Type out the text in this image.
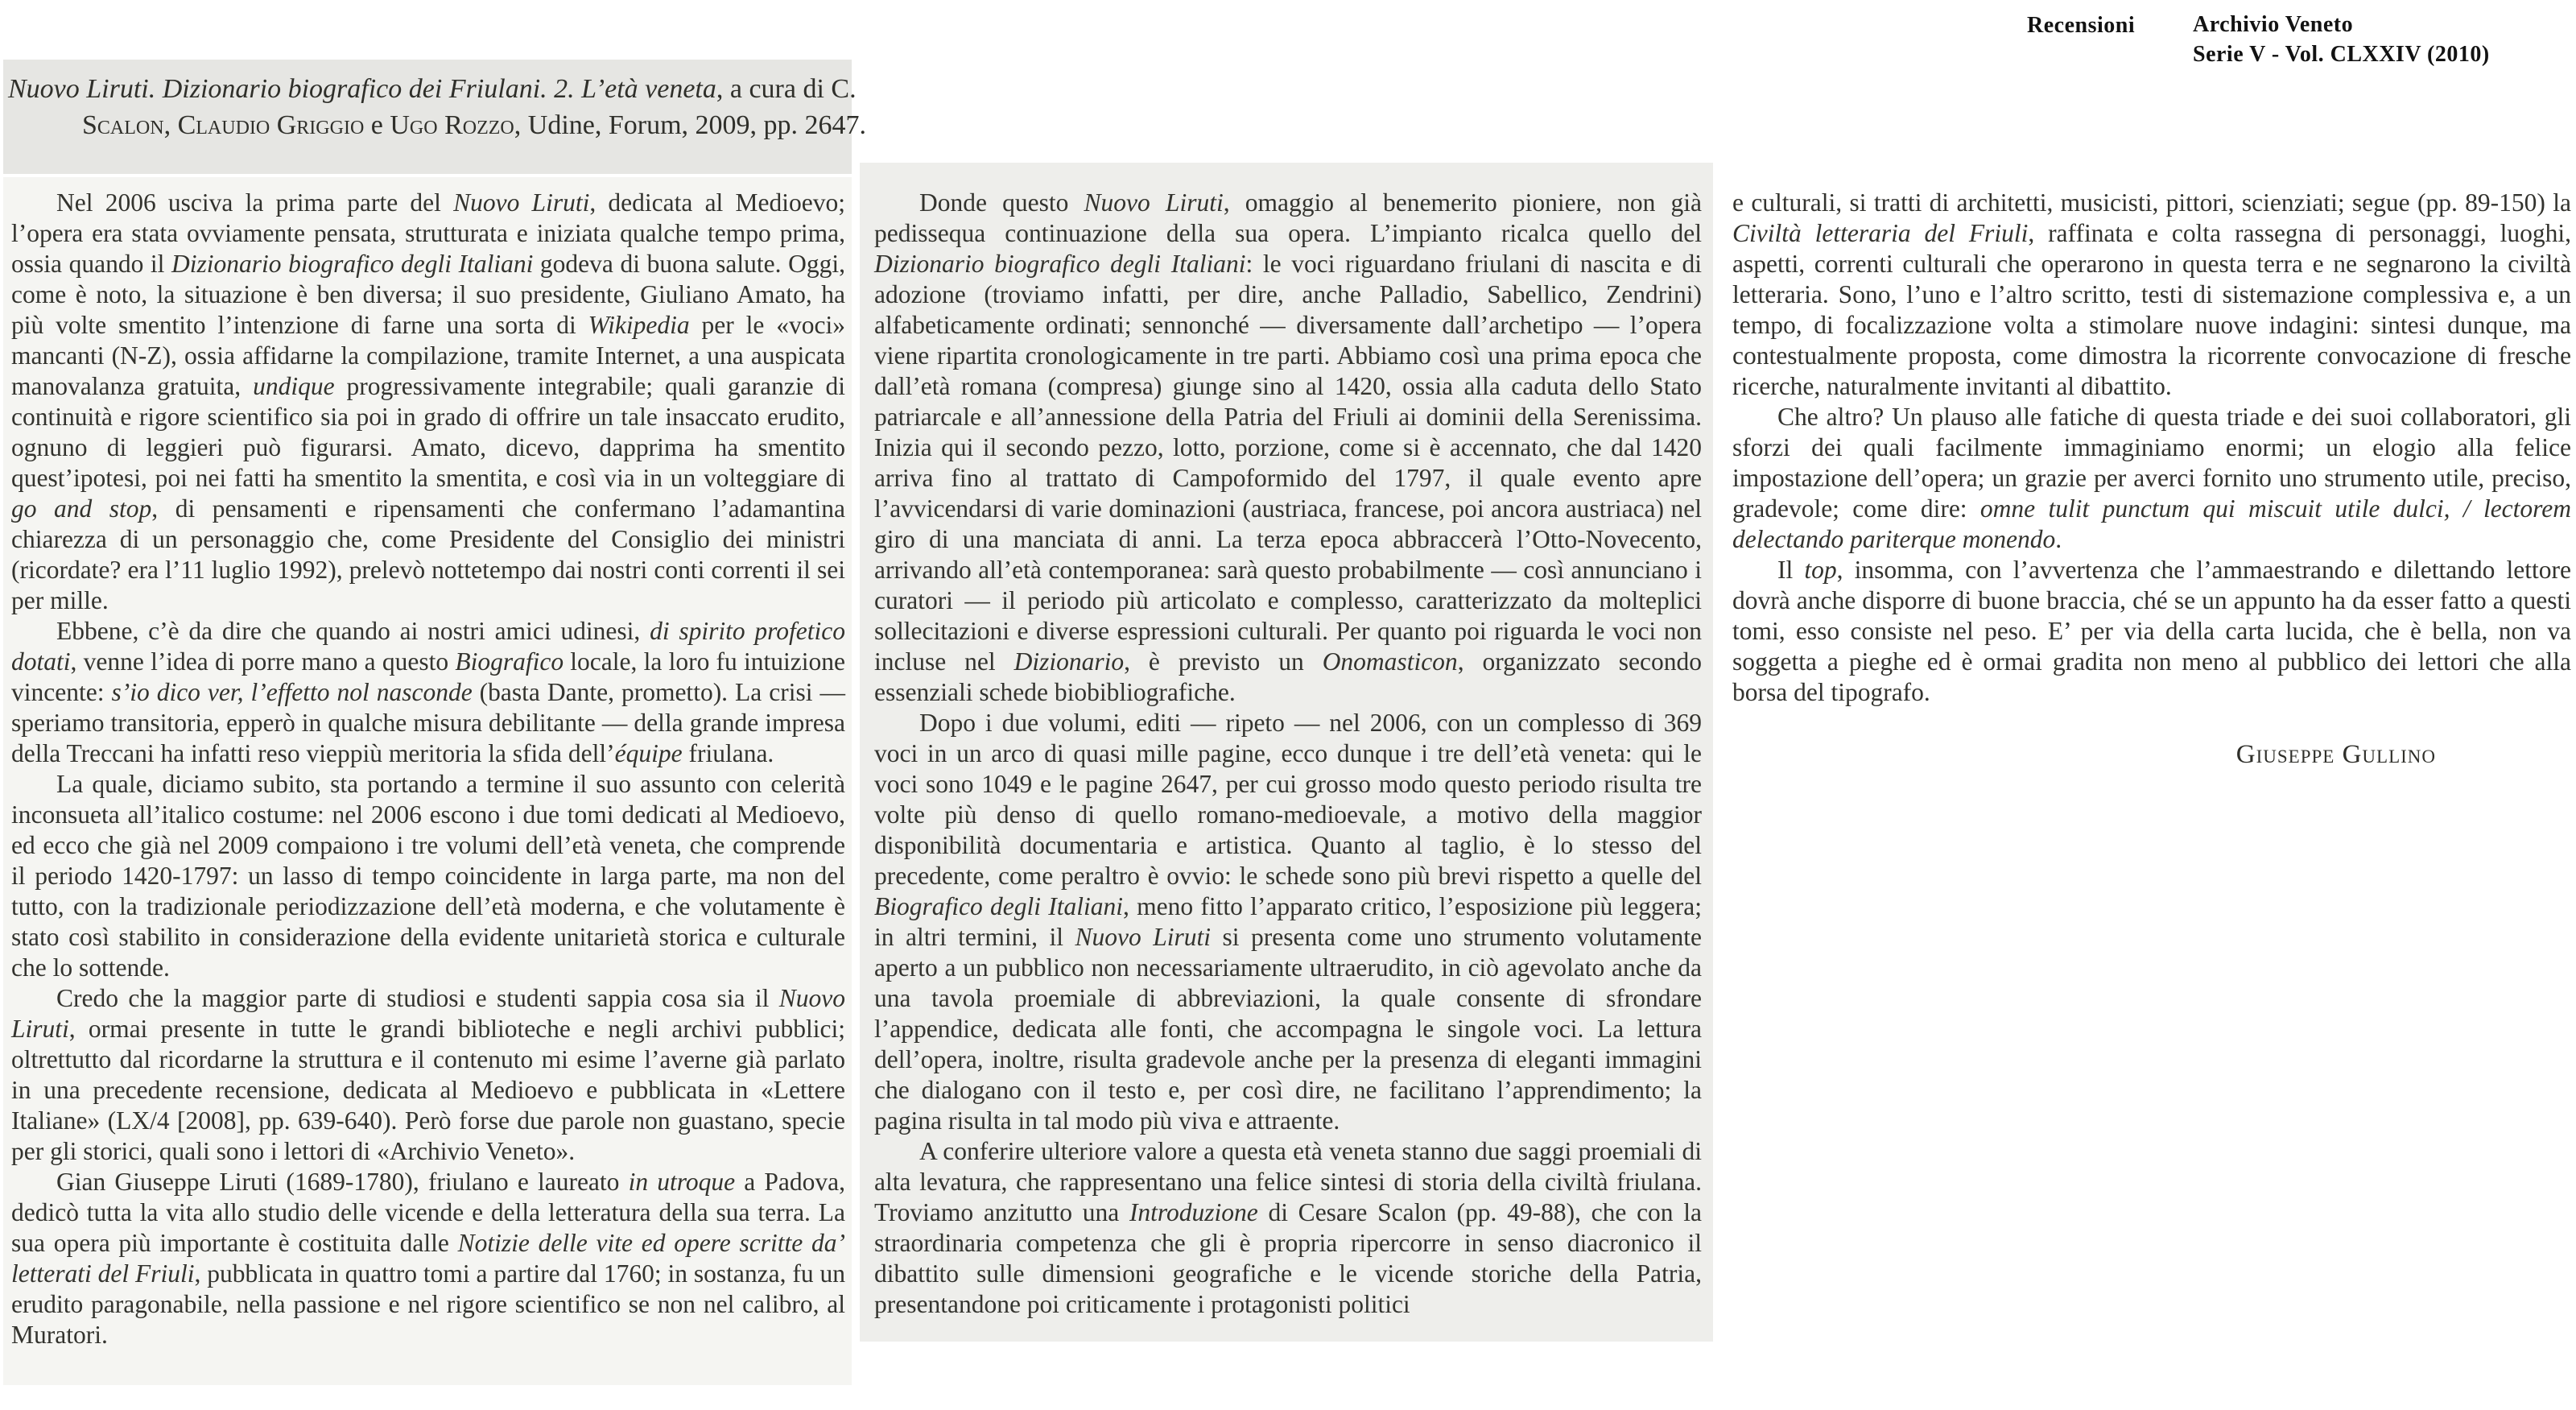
Recensioni	Archivio Veneto
Serie V - Vol. CLXXIV (2010)
Nuovo Liruti. Dizionario biografico dei Friulani. 2. L’età veneta, a cura di C. Scalon, Claudio Griggio e Ugo Rozzo, Udine, Forum, 2009, pp. 2647.

Nel 2006 usciva la prima parte del Nuovo Liruti, dedicata al Medioevo; l’opera era stata ovviamente pensata, strutturata e iniziata qualche tempo prima, ossia quando il Dizionario biografico degli Italiani godeva di buona salute. Oggi, come è noto, la situazione è ben diversa; il suo presidente, Giuliano Amato, ha più volte smentito l’intenzione di farne una sorta di Wikipedia per le «voci» mancanti (N-Z), ossia affidarne la compilazione, tramite Internet, a una auspicata manovalanza gratuita, undique progressivamente integrabile; quali garanzie di continuità e rigore scientifico sia poi in grado di offrire un tale insaccato erudito, ognuno di leggieri può figurarsi. Amato, dicevo, dapprima ha smentito quest’ipotesi, poi nei fatti ha smentito la smentita, e così via in un volteggiare di go and stop, di pensamenti e ripensamenti che confermano l’adamantina chiarezza di un personaggio che, come Presidente del Consiglio dei ministri (ricordate? era l’11 luglio 1992), prelevò nottetempo dai nostri conti correnti il sei per mille.

Ebbene, c’è da dire che quando ai nostri amici udinesi, di spirito profetico dotati, venne l’idea di porre mano a questo Biografico locale, la loro fu intuizione vincente: s’io dico ver, l’effetto nol nasconde (basta Dante, prometto). La crisi — speriamo transitoria, epperò in qualche misura debilitante — della grande impresa della Treccani ha infatti reso vieppiù meritoria la sfida dell’équipe friulana.

La quale, diciamo subito, sta portando a termine il suo assunto con celerità inconsueta all’italico costume: nel 2006 escono i due tomi dedicati al Medioevo, ed ecco che già nel 2009 compaiono i tre volumi dell’età veneta, che comprende il periodo 1420-1797: un lasso di tempo coincidente in larga parte, ma non del tutto, con la tradizionale periodizzazione dell’età moderna, e che volutamente è stato così stabilito in considerazione della evidente unitarietà storica e culturale che lo sottende.

Credo che la maggior parte di studiosi e studenti sappia cosa sia il Nuovo Liruti, ormai presente in tutte le grandi biblioteche e negli archivi pubblici; oltrettutto dal ricordarne la struttura e il contenuto mi esime l’averne già parlato in una precedente recensione, dedicata al Medioevo e pubblicata in «Lettere Italiane» (LX/4 [2008], pp. 639-640). Però forse due parole non guastano, specie per gli storici, quali sono i lettori di «Archivio Veneto».

Gian Giuseppe Liruti (1689-1780), friulano e laureato in utroque a Padova, dedicò tutta la vita allo studio delle vicende e della letteratura della sua terra. La sua opera più importante è costituita dalle Notizie delle vite ed opere scritte da’ letterati del Friuli, pubblicata in quattro tomi a partire dal 1760; in sostanza, fu un erudito paragonabile, nella passione e nel rigore scientifico se non nel calibro, al Muratori.

Donde questo Nuovo Liruti, omaggio al benemerito pioniere, non già pedissequa continuazione della sua opera. L’impianto ricalca quello del Dizionario biografico degli Italiani: le voci riguardano friulani di nascita e di adozione (troviamo infatti, per dire, anche Palladio, Sabellico, Zendrini) alfabeticamente ordinati; sennonché — diversamente dall’archetipo — l’opera viene ripartita cronologicamente in tre parti. Abbiamo così una prima epoca che dall’età romana (compresa) giunge sino al 1420, ossia alla caduta dello Stato patriarcale e all’annessione della Patria del Friuli ai dominii della Serenissima. Inizia qui il secondo pezzo, lotto, porzione, come si è accennato, che dal 1420 arriva fino al trattato di Campoformido del 1797, il quale evento apre l’avvicendarsi di varie dominazioni (austriaca, francese, poi ancora austriaca) nel giro di una manciata di anni. La terza epoca abbraccerà l’Otto-Novecento, arrivando all’età contemporanea: sarà questo probabilmente — così annunciano i curatori — il periodo più articolato e complesso, caratterizzato da molteplici sollecitazioni e diverse espressioni culturali. Per quanto poi riguarda le voci non incluse nel Dizionario, è previsto un Onomasticon, organizzato secondo essenziali schede biobibliografiche.

Dopo i due volumi, editi — ripeto — nel 2006, con un complesso di 369 voci in un arco di quasi mille pagine, ecco dunque i tre dell’età veneta: qui le voci sono 1049 e le pagine 2647, per cui grosso modo questo periodo risulta tre volte più denso di quello romano-medioevale, a motivo della maggior disponibilità documentaria e artistica. Quanto al taglio, è lo stesso del precedente, come peraltro è ovvio: le schede sono più brevi rispetto a quelle del Biografico degli Italiani, meno fitto l’apparato critico, l’esposizione più leggera; in altri termini, il Nuovo Liruti si presenta come uno strumento volutamente aperto a un pubblico non necessariamente ultraerudito, in ciò agevolato anche da una tavola proemiale di abbreviazioni, la quale consente di sfrondare l’appendice, dedicata alle fonti, che accompagna le singole voci. La lettura dell’opera, inoltre, risulta gradevole anche per la presenza di eleganti immagini che dialogano con il testo e, per così dire, ne facilitano l’apprendimento; la pagina risulta in tal modo più viva e attraente.

A conferire ulteriore valore a questa età veneta stanno due saggi proemiali di alta levatura, che rappresentano una felice sintesi di storia della civiltà friulana. Troviamo anzitutto una Introduzione di Cesare Scalon (pp. 49-88), che con la straordinaria competenza che gli è propria ripercorre in senso diacronico il dibattito sulle dimensioni geografiche e le vicende storiche della Patria, presentandone poi criticamente i protagonisti politici

e culturali, si tratti di architetti, musicisti, pittori, scienziati; segue (pp. 89-150) la Civiltà letteraria del Friuli, raffinata e colta rassegna di personaggi, luoghi, aspetti, correnti culturali che operarono in questa terra e ne segnarono la civiltà letteraria. Sono, l’uno e l’altro scritto, testi di sistemazione complessiva e, a un tempo, di focalizzazione volta a stimolare nuove indagini: sintesi dunque, ma contestualmente proposta, come dimostra la ricorrente convocazione di fresche ricerche, naturalmente invitanti al dibattito.

Che altro? Un plauso alle fatiche di questa triade e dei suoi collaboratori, gli sforzi dei quali facilmente immaginiamo enormi; un elogio alla felice impostazione dell’opera; un grazie per averci fornito uno strumento utile, preciso, gradevole; come dire: omne tulit punctum qui miscuit utile dulci, / lectorem delectando pariterque monendo.

Il top, insomma, con l’avvertenza che l’ammaestrando e dilettando lettore dovrà anche disporre di buone braccia, ché se un appunto ha da esser fatto a questi tomi, esso consiste nel peso. E’ per via della carta lucida, che è bella, non va soggetta a pieghe ed è ormai gradita non meno al pubblico dei lettori che alla borsa del tipografo.

Giuseppe Gullino
